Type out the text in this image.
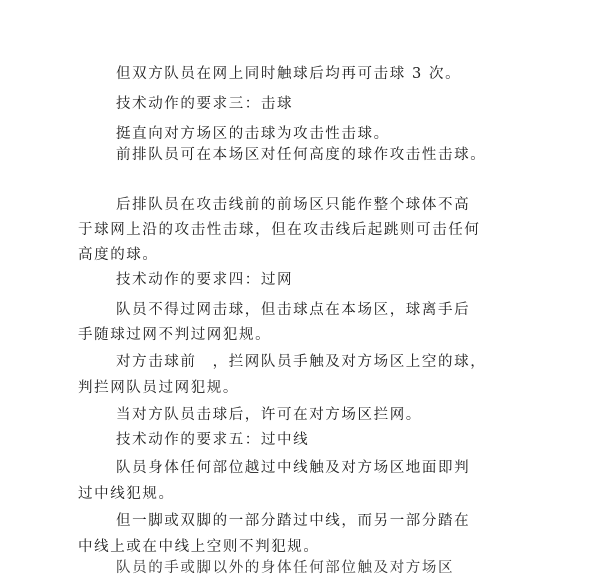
但双方队员在网上同时触球后均再可击球 3 次。
技术动作的要求三：击球
挺直向对方场区的击球为攻击性击球。
前排队员可在本场区对任何高度的球作攻击性击球。
后排队员在攻击线前的前场区只能作整个球体不高
于球网上沿的攻击性击球，但在攻击线后起跳则可击任何
高度的球。
技术动作的要求四：过网
队员不得过网击球，但击球点在本场区，球离手后
手随球过网不判过网犯规。
对方击球前　，拦网队员手触及对方场区上空的球，
判拦网队员过网犯规。
当对方队员击球后，许可在对方场区拦网。
技术动作的要求五：过中线
队员身体任何部位越过中线触及对方场区地面即判
过中线犯规。
但一脚或双脚的一部分踏过中线，而另一部分踏在
中线上或在中线上空则不判犯规。
队员的手或脚以外的身体任何部位触及对方场区
